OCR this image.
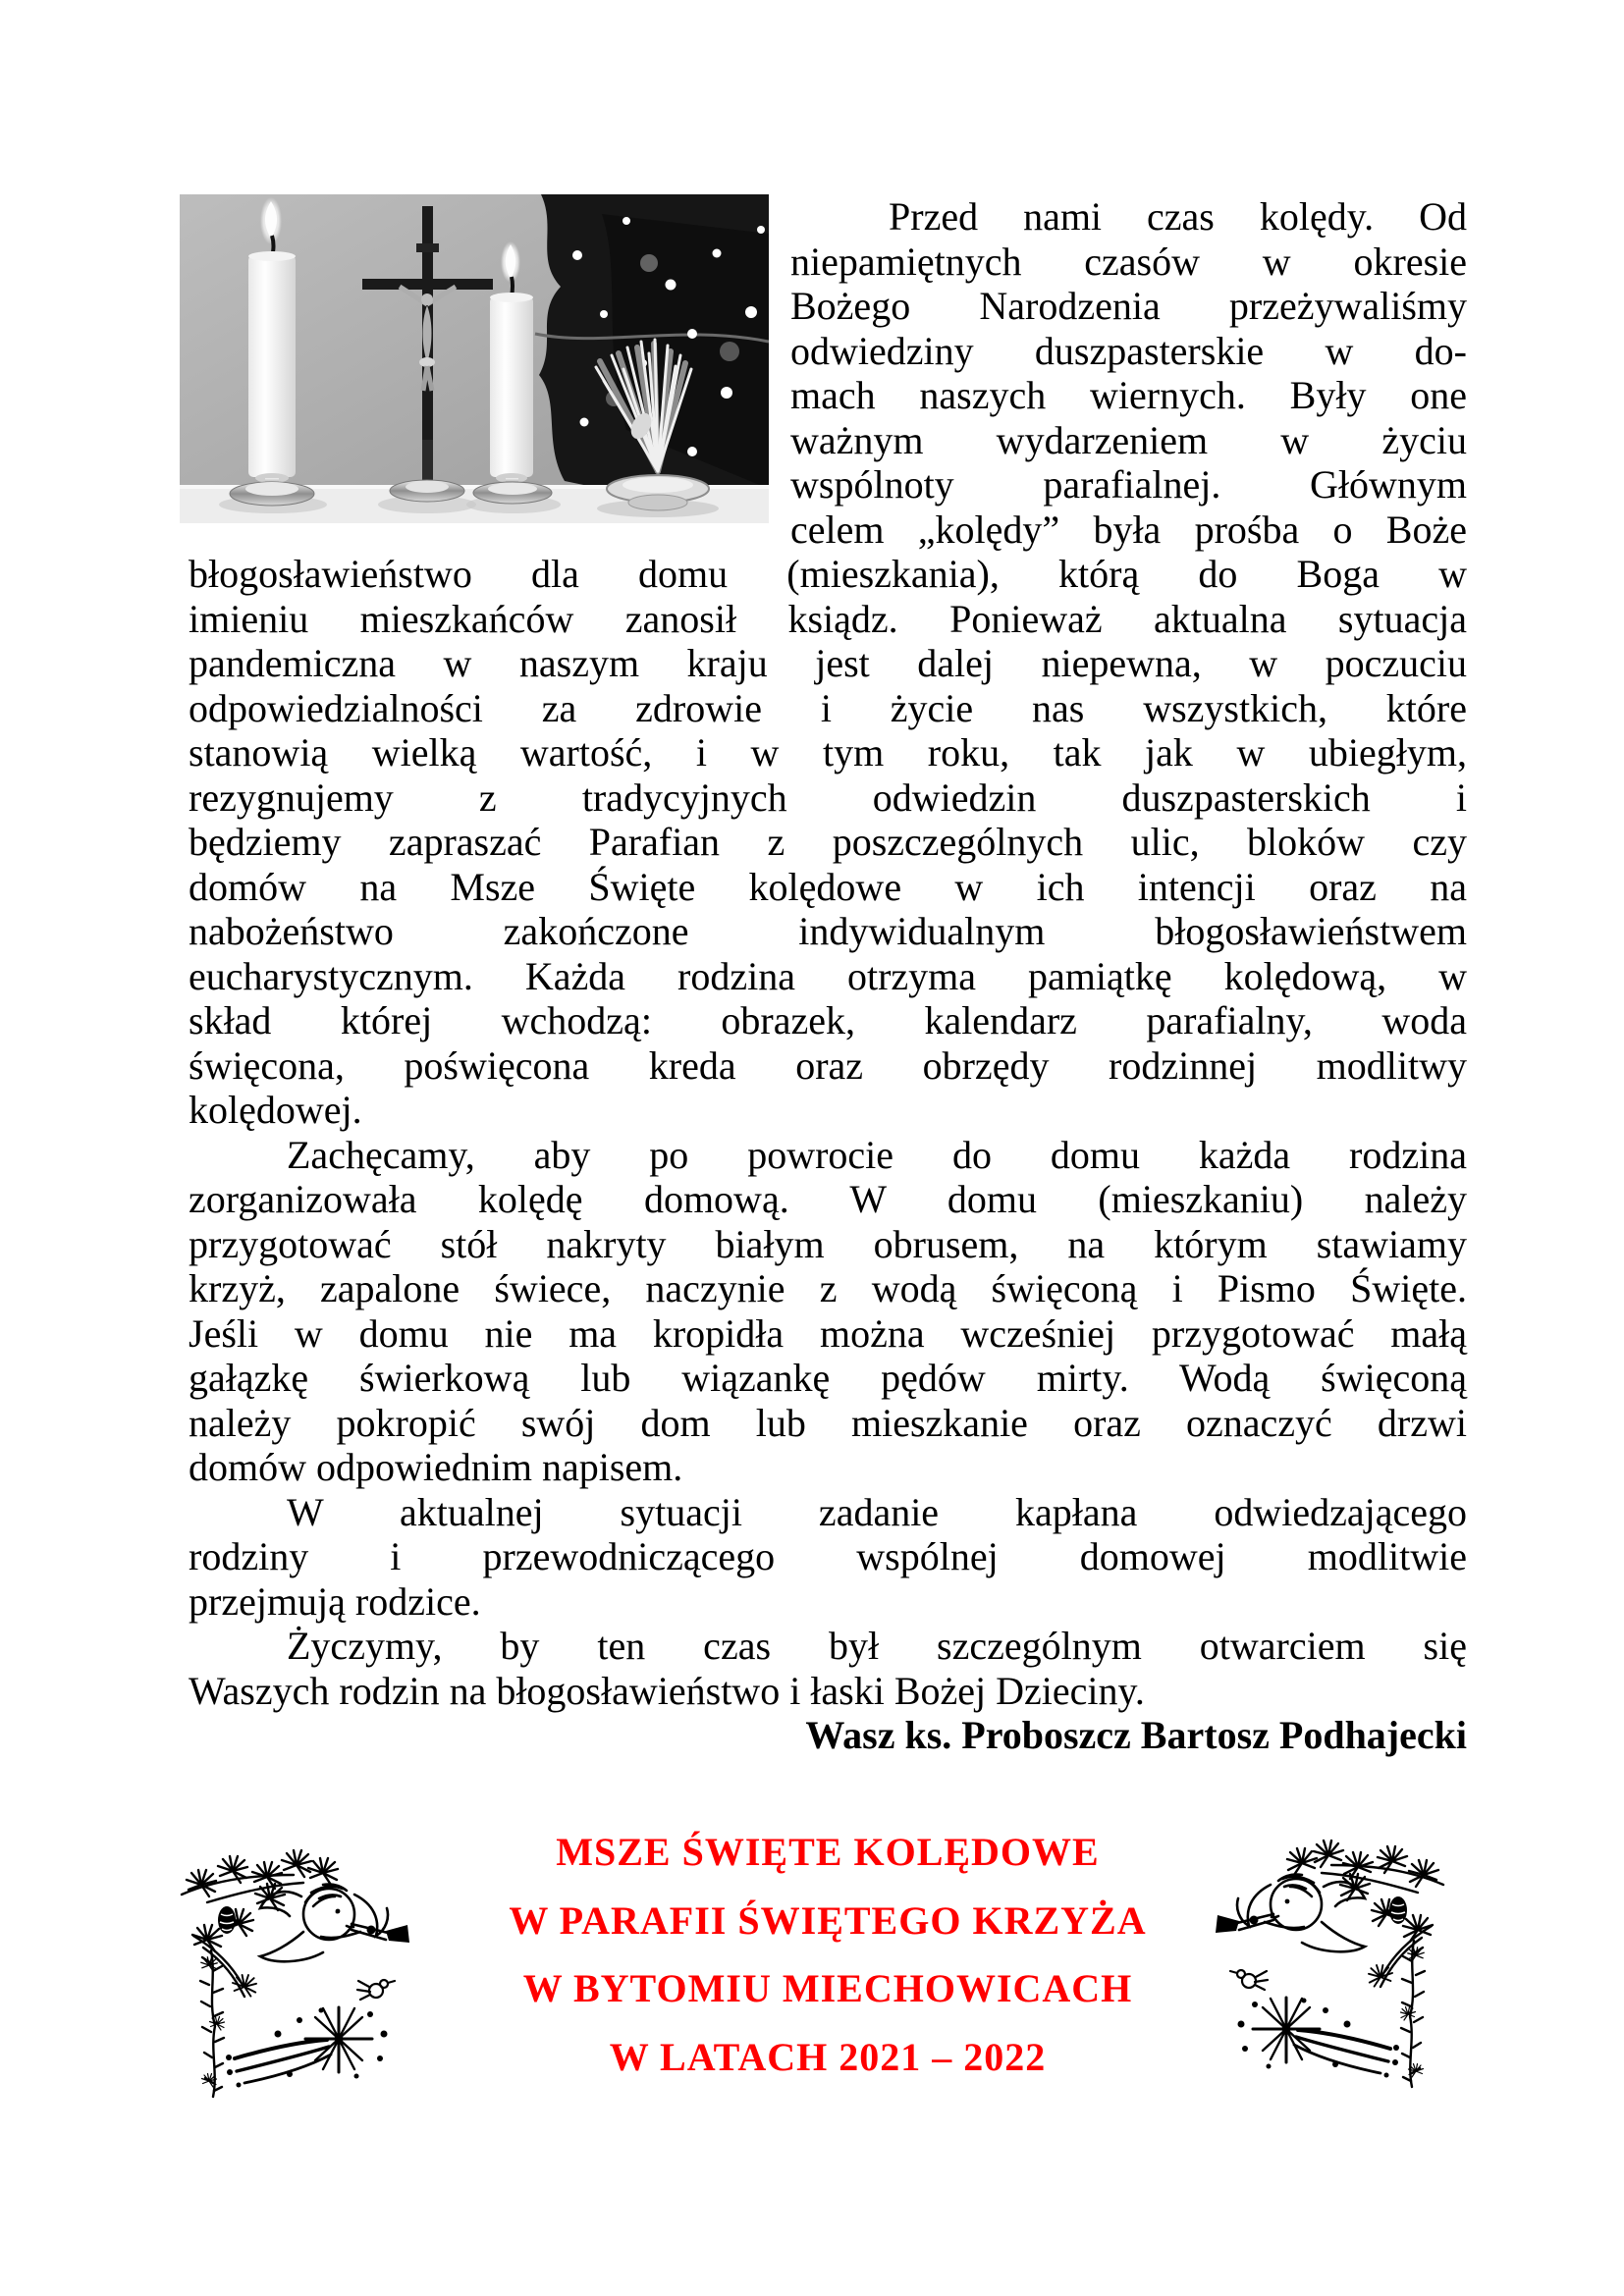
Przed nami czas kolędy. Od
niepamiętnych czasów w okresie
Bożego Narodzenia przeżywaliśmy
odwiedziny duszpasterskie w do-
mach naszych wiernych. Były one
ważnym wydarzeniem w życiu
wspólnoty parafialnej. Głównym
celem „kolędy” była prośba o Boże
błogosławieństwo dla domu (mieszkania), którą do Boga w
imieniu mieszkańców zanosił ksiądz. Ponieważ aktualna sytuacja
pandemiczna w naszym kraju jest dalej niepewna, w poczuciu
odpowiedzialności za zdrowie i życie nas wszystkich, które
stanowią wielką wartość, i w tym roku, tak jak w ubiegłym,
rezygnujemy z tradycyjnych odwiedzin duszpasterskich i
będziemy zapraszać Parafian z poszczególnych ulic, bloków czy
domów na Msze Święte kolędowe w ich intencji oraz na
nabożeństwo zakończone indywidualnym błogosławieństwem
eucharystycznym. Każda rodzina otrzyma pamiątkę kolędową, w
skład której wchodzą: obrazek, kalendarz parafialny, woda
święcona, poświęcona kreda oraz obrzędy rodzinnej modlitwy
kolędowej.
Zachęcamy, aby po powrocie do domu każda rodzina
zorganizowała kolędę domową. W domu (mieszkaniu) należy
przygotować stół nakryty białym obrusem, na którym stawiamy
krzyż, zapalone świece, naczynie z wodą święconą i Pismo Święte.
Jeśli w domu nie ma kropidła można wcześniej przygotować małą
gałązkę świerkową lub wiązankę pędów mirty. Wodą święconą
należy pokropić swój dom lub mieszkanie oraz oznaczyć drzwi
domów odpowiednim napisem.
W aktualnej sytuacji zadanie kapłana odwiedzającego
rodziny i przewodniczącego wspólnej domowej modlitwie
przejmują rodzice.
Życzymy, by ten czas był szczególnym otwarciem się
Waszych rodzin na błogosławieństwo i łaski Bożej Dzieciny.
Wasz ks. Proboszcz Bartosz Podhajecki
MSZE ŚWIĘTE KOLĘDOWE
W PARAFII ŚWIĘTEGO KRZYŻA
W BYTOMIU MIECHOWICACH
W LATACH 2021 – 2022
